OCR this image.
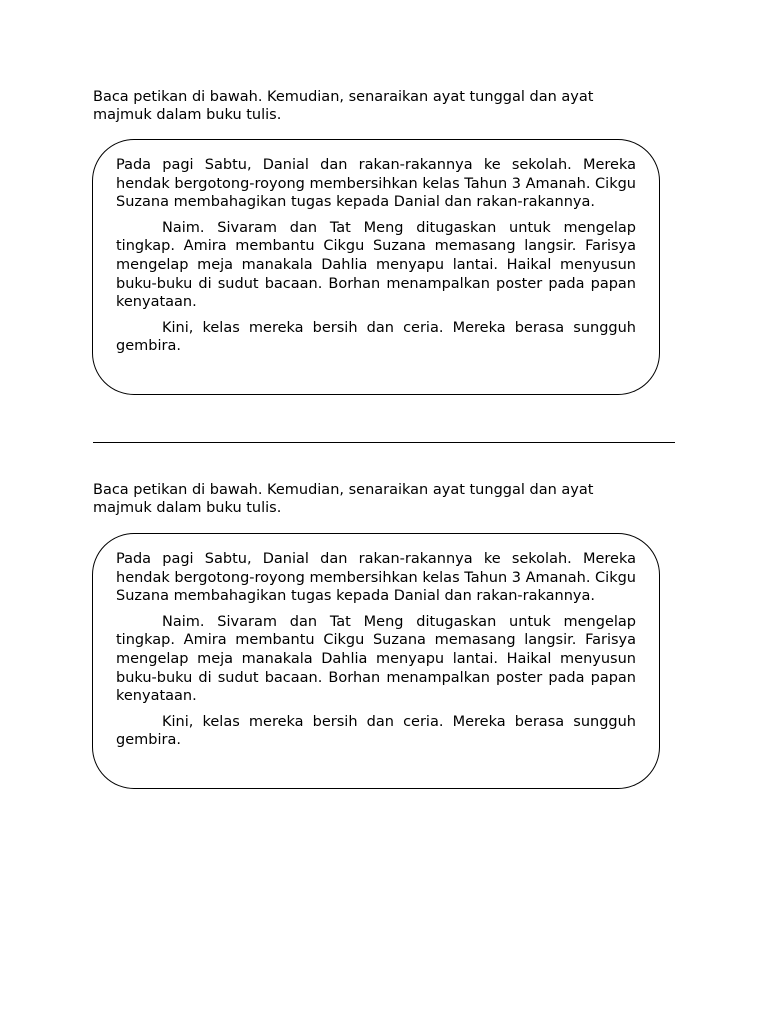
Baca petikan di bawah. Kemudian, senaraikan ayat tunggal dan ayat majmuk dalam buku tulis.

Pada pagi Sabtu, Danial dan rakan-rakannya ke sekolah. Mereka hendak bergotong-royong membersihkan kelas Tahun 3 Amanah. Cikgu Suzana membahagikan tugas kepada Danial dan rakan-rakannya.

Naim. Sivaram dan Tat Meng ditugaskan untuk mengelap tingkap. Amira membantu Cikgu Suzana memasang langsir. Farisya mengelap meja manakala Dahlia menyapu lantai. Haikal menyusun buku-buku di sudut bacaan. Borhan menampalkan poster pada papan kenyataan.

Kini, kelas mereka bersih dan ceria. Mereka berasa sungguh gembira.

Baca petikan di bawah. Kemudian, senaraikan ayat tunggal dan ayat majmuk dalam buku tulis.

Pada pagi Sabtu, Danial dan rakan-rakannya ke sekolah. Mereka hendak bergotong-royong membersihkan kelas Tahun 3 Amanah. Cikgu Suzana membahagikan tugas kepada Danial dan rakan-rakannya.

Naim. Sivaram dan Tat Meng ditugaskan untuk mengelap tingkap. Amira membantu Cikgu Suzana memasang langsir. Farisya mengelap meja manakala Dahlia menyapu lantai. Haikal menyusun buku-buku di sudut bacaan. Borhan menampalkan poster pada papan kenyataan.

Kini, kelas mereka bersih dan ceria. Mereka berasa sungguh gembira.
